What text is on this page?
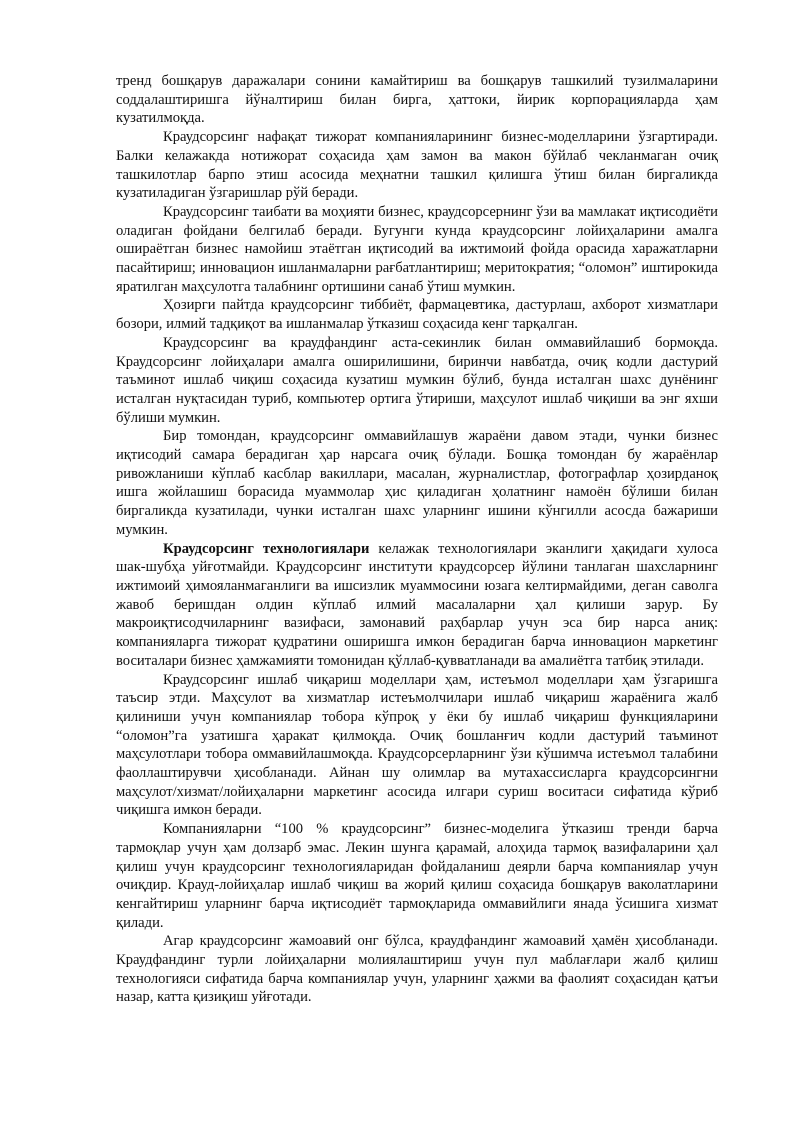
тренд бошқарув даражалари сонини камайтириш ва бошқарув ташкилий тузилмаларини соддалаштиришга йўналтириш билан бирга, ҳаттоки, йирик корпорацияларда ҳам кузатилмоқда.

Краудсорсинг нафақат тижорат компанияларининг бизнес-моделларини ўзгартиради. Балки келажакда нотижорат соҳасида ҳам замон ва макон бўйлаб чекланмаган очиқ ташкилотлар барпо этиш асосида меҳнатни ташкил қилишга ўтиш билан биргаликда кузатиладиган ўзгаришлар рўй беради.

Краудсорсинг таибати ва моҳияти бизнес, краудсорсернинг ўзи ва мамлакат иқтисодиёти оладиган фойдани белгилаб беради. Бугунги кунда краудсорсинг лойиҳаларини амалга ошираётган бизнес намойиш этаётган иқтисодий ва ижтимоий фойда орасида харажатларни пасайтириш; инновацион ишланмаларни рағбатлантириш; меритократия; “оломон” иштирокида яратилган маҳсулотга талабнинг ортишини санаб ўтиш мумкин.

Ҳозирги пайтда краудсорсинг тиббиёт, фармацевтика, дастурлаш, ахборот хизматлари бозори, илмий тадқиқот ва ишланмалар ўтказиш соҳасида кенг тарқалган.

Краудсорсинг ва краудфандинг аста-секинлик билан оммавийлашиб бормоқда. Краудсорсинг лойиҳалари амалга оширилишини, биринчи навбатда, очиқ кодли дастурий таъминот ишлаб чиқиш соҳасида кузатиш мумкин бўлиб, бунда исталган шахс дунёнинг исталган нуқтасидан туриб, компьютер ортига ўтириши, маҳсулот ишлаб чиқиши ва энг яхши бўлиши мумкин.

Бир томондан, краудсорсинг оммавийлашув жараёни давом этади, чунки бизнес иқтисодий самара берадиган ҳар нарсага очиқ бўлади. Бошқа томондан бу жараёнлар ривожланиши кўплаб касблар вакиллари, масалан, журналистлар, фотографлар ҳозирданоқ ишга жойлашиш борасида муаммолар ҳис қиладиган ҳолатнинг намоён бўлиши билан биргаликда кузатилади, чунки исталган шахс уларнинг ишини кўнгилли асосда бажариши мумкин.

Краудсорсинг технологиялари келажак технологиялари эканлиги ҳақидаги хулоса шак-шубҳа уйғотмайди. Краудсорсинг институти краудсорсер йўлини танлаган шахсларнинг ижтимоий ҳимояланмаганлиги ва ишсизлик муаммосини юзага келтирмайдими, деган саволга жавоб беришдан олдин кўплаб илмий масалаларни ҳал қилиши зарур. Бу макроиқтисодчиларнинг вазифаси, замонавий раҳбарлар учун эса бир нарса аниқ: компанияларга тижорат қудратини оширишга имкон берадиган барча инновацион маркетинг воситалари бизнес ҳамжамияти томонидан қўллаб-қувватланади ва амалиётга татбиқ этилади.

Краудсорсинг ишлаб чиқариш моделлари ҳам, истеъмол моделлари ҳам ўзгаришга таъсир этди. Маҳсулот ва хизматлар истеъмолчилари ишлаб чиқариш жараёнига жалб қилиниши учун компаниялар тобора кўпроқ у ёки бу ишлаб чиқариш функцияларини “оломон”га узатишга ҳаракат қилмоқда. Очиқ бошланғич кодли дастурий таъминот маҳсулотлари тобора оммавийлашмоқда. Краудсорсерларнинг ўзи кўшимча истеъмол талабини фаоллаштирувчи ҳисобланади. Айнан шу олимлар ва мутахассисларга краудсорсингни маҳсулот/хизмат/лойиҳаларни маркетинг асосида илгари суриш воситаси сифатида кўриб чиқишга имкон беради.

Компанияларни “100 % краудсорсинг” бизнес-моделига ўтказиш тренди барча тармоқлар учун ҳам долзарб эмас. Лекин шунга қарамай, алоҳида тармоқ вазифаларини ҳал қилиш учун краудсорсинг технологияларидан фойдаланиш деярли барча компаниялар учун очиқдир. Крауд-лойиҳалар ишлаб чиқиш ва жорий қилиш соҳасида бошқарув ваколатларини кенгайтириш уларнинг барча иқтисодиёт тармоқларида оммавийлиги янада ўсишига хизмат қилади.

Агар краудсорсинг жамоавий онг бўлса, краудфандинг жамоавий ҳамён ҳисобланади. Краудфандинг турли лойиҳаларни молиялаштириш учун пул маблағлари жалб қилиш технологияси сифатида барча компаниялар учун, уларнинг ҳажми ва фаолият соҳасидан қатъи назар, катта қизиқиш уйғотади.
